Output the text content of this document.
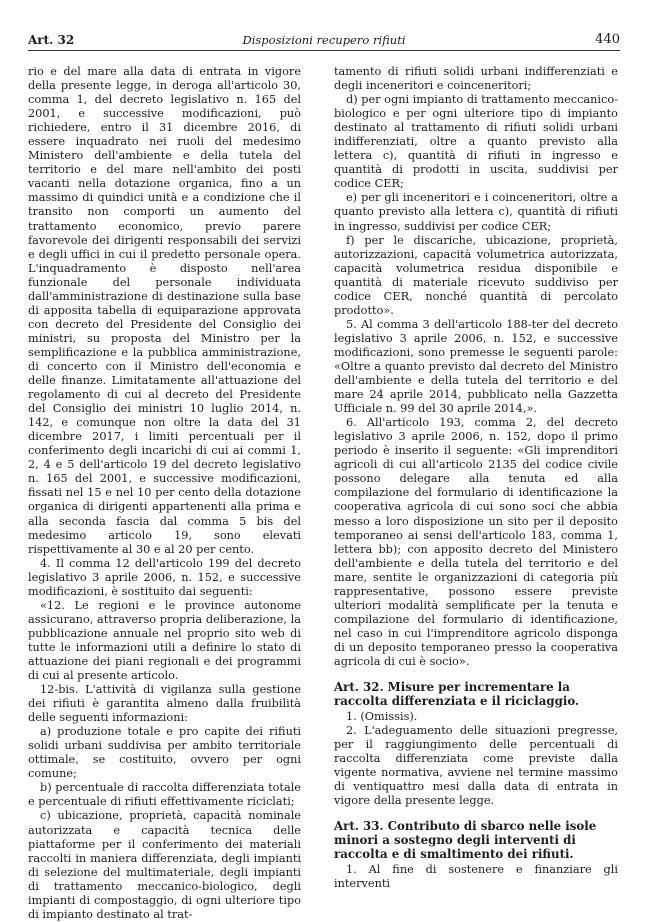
Art. 32	Disposizioni recupero rifiuti	440

rio e del mare alla data di entrata in vigore della presente legge, in deroga all'articolo 30, comma 1, del decreto legislativo n. 165 del 2001, e successive modificazioni, può richiedere, entro il 31 dicembre 2016, di essere inquadrato nei ruoli del medesimo Ministero dell'ambiente e della tutela del territorio e del mare nell'ambito dei posti vacanti nella dotazione organica, fino a un massimo di quindici unità e a condizione che il transito non comporti un aumento del trattamento economico, previo parere favorevole dei dirigenti responsabili dei servizi e degli uffici in cui il predetto personale opera. L'inquadramento è disposto nell'area funzionale del personale individuata dall'amministrazione di destinazione sulla base di apposita tabella di equiparazione approvata con decreto del Presidente del Consiglio dei ministri, su proposta del Ministro per la semplificazione e la pubblica amministrazione, di concerto con il Ministro dell'economia e delle finanze. Limitatamente all'attuazione del regolamento di cui al decreto del Presidente del Consiglio dei ministri 10 luglio 2014, n. 142, e comunque non oltre la data del 31 dicembre 2017, i limiti percentuali per il conferimento degli incarichi di cui ai commi 1, 2, 4 e 5 dell'articolo 19 del decreto legislativo n. 165 del 2001, e successive modificazioni, fissati nel 15 e nel 10 per cento della dotazione organica di dirigenti appartenenti alla prima e alla seconda fascia dal comma 5 bis del medesimo articolo 19, sono elevati rispettivamente al 30 e al 20 per cento.

4. Il comma 12 dell'articolo 199 del decreto legislativo 3 aprile 2006, n. 152, e successive modificazioni, è sostituito dai seguenti:

«12. Le regioni e le province autonome assicurano, attraverso propria deliberazione, la pubblicazione annuale nel proprio sito web di tutte le informazioni utili a definire lo stato di attuazione dei piani regionali e dei programmi di cui al presente articolo.

12-bis. L'attività di vigilanza sulla gestione dei rifiuti è garantita almeno dalla fruibilità delle seguenti informazioni:

a) produzione totale e pro capite dei rifiuti solidi urbani suddivisa per ambito territoriale ottimale, se costituito, ovvero per ogni comune;

b) percentuale di raccolta differenziata totale e percentuale di rifiuti effettivamente riciclati;

c) ubicazione, proprietà, capacità nominale autorizzata e capacità tecnica delle piattaforme per il conferimento dei materiali raccolti in maniera differenziata, degli impianti di selezione del multimateriale, degli impianti di trattamento meccanico-biologico, degli impianti di compostaggio, di ogni ulteriore tipo di impianto destinato al trat-

tamento di rifiuti solidi urbani indifferenziati e degli inceneritori e coinceneritori;

d) per ogni impianto di trattamento meccanico-biologico e per ogni ulteriore tipo di impianto destinato al trattamento di rifiuti solidi urbani indifferenziati, oltre a quanto previsto alla lettera c), quantità di rifiuti in ingresso e quantità di prodotti in uscita, suddivisi per codice CER;

e) per gli inceneritori e i coinceneritori, oltre a quanto previsto alla lettera c), quantità di rifiuti in ingresso, suddivisi per codice CER;

f) per le discariche, ubicazione, proprietà, autorizzazioni, capacità volumetrica autorizzata, capacità volumetrica residua disponibile e quantità di materiale ricevuto suddiviso per codice CER, nonché quantità di percolato prodotto».

5. Al comma 3 dell'articolo 188-ter del decreto legislativo 3 aprile 2006, n. 152, e successive modificazioni, sono premesse le seguenti parole: «Oltre a quanto previsto dal decreto del Ministro dell'ambiente e della tutela del territorio e del mare 24 aprile 2014, pubblicato nella Gazzetta Ufficiale n. 99 del 30 aprile 2014,».

6. All'articolo 193, comma 2, del decreto legislativo 3 aprile 2006, n. 152, dopo il primo periodo è inserito il seguente: «Gli imprenditori agricoli di cui all'articolo 2135 del codice civile possono delegare alla tenuta ed alla compilazione del formulario di identificazione la cooperativa agricola di cui sono soci che abbia messo a loro disposizione un sito per il deposito temporaneo ai sensi dell'articolo 183, comma 1, lettera bb); con apposito decreto del Ministero dell'ambiente e della tutela del territorio e del mare, sentite le organizzazioni di categoria più rappresentative, possono essere previste ulteriori modalità semplificate per la tenuta e compilazione del formulario di identificazione, nel caso in cui l'imprenditore agricolo disponga di un deposito temporaneo presso la cooperativa agricola di cui è socio».

Art. 32. Misure per incrementare la raccolta differenziata e il riciclaggio.

1. (Omissis).

2. L'adeguamento delle situazioni pregresse, per il raggiungimento delle percentuali di raccolta differenziata come previste dalla vigente normativa, avviene nel termine massimo di ventiquattro mesi dalla data di entrata in vigore della presente legge.

Art. 33. Contributo di sbarco nelle isole minori a sostegno degli interventi di raccolta e di smaltimento dei rifiuti.

1. Al fine di sostenere e finanziare gli interventi
